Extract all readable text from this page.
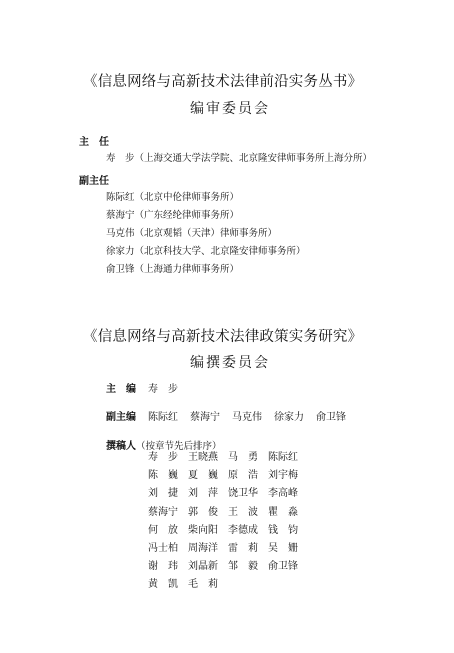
《信息网络与高新技术法律前沿实务丛书》
编审委员会
主　任
寿　步（上海交通大学法学院、北京隆安律师事务所上海分所）
副主任
陈际红（北京中伦律师事务所）
蔡海宁（广东经纶律师事务所）
马克伟（北京观韬（天津）律师事务所）
徐家力（北京科技大学、北京隆安律师事务所）
俞卫锋（上海通力律师事务所）
《信息网络与高新技术法律政策实务研究》
编撰委员会
主　编 寿　步
副主编 陈际红	蔡海宁	马克伟	徐家力	俞卫锋
撰稿人（按章节先后排序）
寿　步	王晓燕	马　勇	陈际红
陈　巍	夏　巍	原　浩	刘宇梅
刘　捷	刘　萍	饶卫华	李高峰
蔡海宁	郭　俊	王　波	瞿　淼
何　放	柴向阳	李德成	钱　钧
冯士柏	周海洋	雷　莉	吴　姗
谢　玮	刘晶新	邹　毅	俞卫锋
黄　凯	毛　莉
